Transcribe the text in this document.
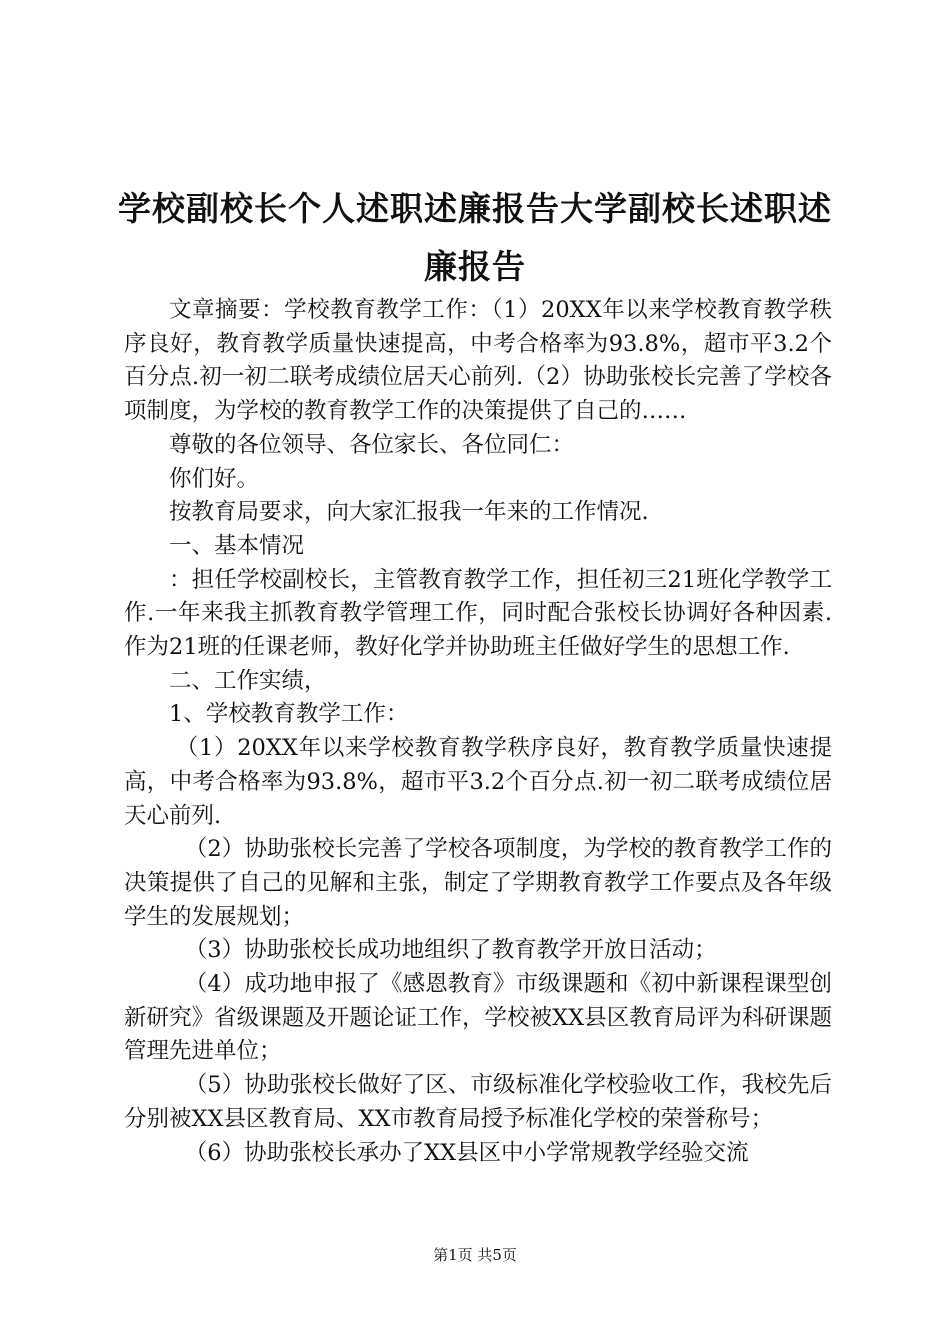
学校副校长个人述职述廉报告大学副校长述职述廉报告

文章摘要：学校教育教学工作：（1）20XX年以来学校教育教学秩序良好，教育教学质量快速提高，中考合格率为93.8%，超市平3.2个百分点.初一初二联考成绩位居天心前列.（2）协助张校长完善了学校各项制度，为学校的教育教学工作的决策提供了自己的……

尊敬的各位领导、各位家长、各位同仁：

你们好。

按教育局要求，向大家汇报我一年来的工作情况.

一、基本情况

：担任学校副校长，主管教育教学工作，担任初三21班化学教学工作.一年来我主抓教育教学管理工作，同时配合张校长协调好各种因素.作为21班的任课老师，教好化学并协助班主任做好学生的思想工作.

二、工作实绩，

1、学校教育教学工作：

（1）20XX年以来学校教育教学秩序良好，教育教学质量快速提高，中考合格率为93.8%，超市平3.2个百分点.初一初二联考成绩位居天心前列.

（2）协助张校长完善了学校各项制度，为学校的教育教学工作的决策提供了自己的见解和主张，制定了学期教育教学工作要点及各年级学生的发展规划；

（3）协助张校长成功地组织了教育教学开放日活动；

（4）成功地申报了《感恩教育》市级课题和《初中新课程课型创新研究》省级课题及开题论证工作，学校被XX县区教育局评为科研课题管理先进单位；

（5）协助张校长做好了区、市级标准化学校验收工作，我校先后分别被XX县区教育局、XX市教育局授予标准化学校的荣誉称号；

（6）协助张校长承办了XX县区中小学常规教学经验交流

第1页 共5页
